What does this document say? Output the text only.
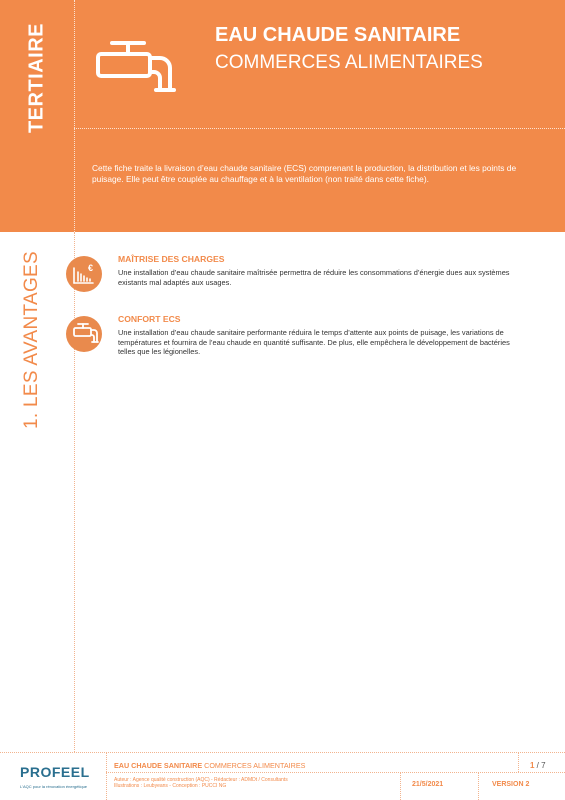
TERTIAIRE	EAU CHAUDE SANITAIRE
COMMERCES ALIMENTAIRES
Cette fiche traite la livraison d’eau chaude sanitaire (ECS) comprenant la production, la distribution et les points de puisage. Elle peut être couplée au chauffage et à la ventilation (non traité dans cette fiche).
1. LES AVANTAGES	€
MAÎTRISE DES CHARGES

Une installation d’eau chaude sanitaire maîtrisée permettra de réduire les consommations d’énergie dues aux systèmes existants mal adaptés aux usages.

CONFORT ECS

Une installation d’eau chaude sanitaire performante réduira le temps d’attente aux points de puisage, les variations de températures et fournira de l’eau chaude en quantité suffisante. De plus, elle empêchera le développement de bactéries telles que les légionelles.

PROFEEL
L'AQC pour la rénovation énergétique
EAU CHAUDE SANITAIRE COMMERCES ALIMENTAIRES
Auteur : Agence qualité construction (AQC) - Rédacteur : ADMDt / Consultants
Illustrations : Leubyeans - Conception : PUCCI NG
1 / 7
21/5/2021	VERSION 2
